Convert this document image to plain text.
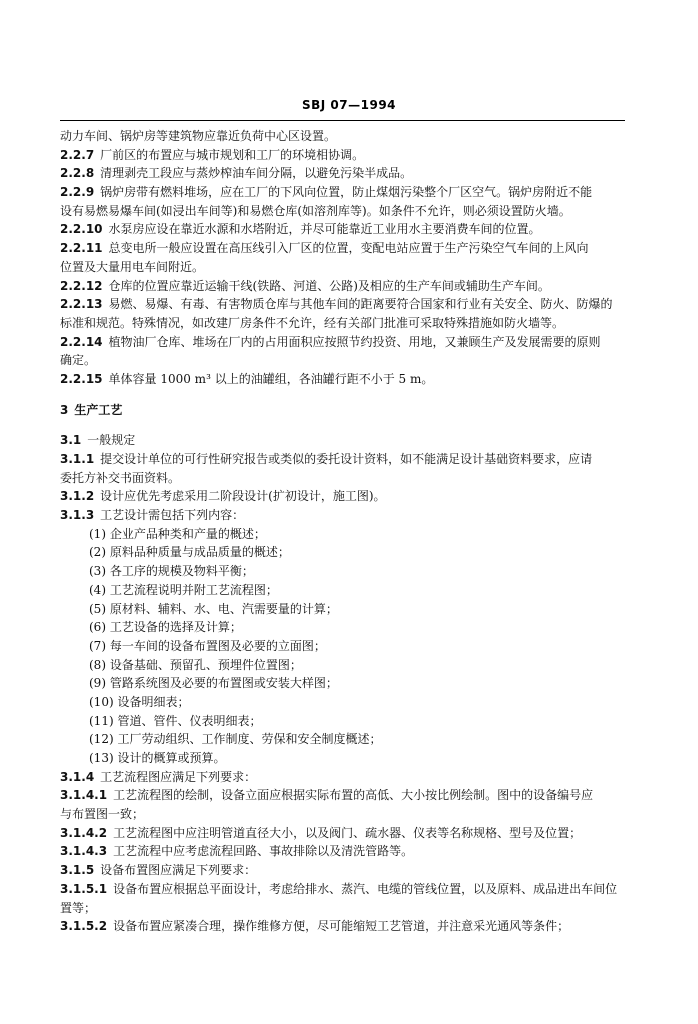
SBJ 07—1994
动力车间、锅炉房等建筑物应靠近负荷中心区设置。
2.2.7 厂前区的布置应与城市规划和工厂的环境相协调。
2.2.8 清理剥壳工段应与蒸炒榨油车间分隔，以避免污染半成品。
2.2.9 锅炉房带有燃料堆场，应在工厂的下风向位置，防止煤烟污染整个厂区空气。锅炉房附近不能
设有易燃易爆车间(如浸出车间等)和易燃仓库(如溶剂库等)。如条件不允许，则必须设置防火墙。
2.2.10 水泵房应设在靠近水源和水塔附近，并尽可能靠近工业用水主要消费车间的位置。
2.2.11 总变电所一般应设置在高压线引入厂区的位置，变配电站应置于生产污染空气车间的上风向
位置及大量用电车间附近。
2.2.12 仓库的位置应靠近运输干线(铁路、河道、公路)及相应的生产车间或辅助生产车间。
2.2.13 易燃、易爆、有毒、有害物质仓库与其他车间的距离要符合国家和行业有关安全、防火、防爆的
标准和规范。特殊情况，如改建厂房条件不允许，经有关部门批准可采取特殊措施如防火墙等。
2.2.14 植物油厂仓库、堆场在厂内的占用面积应按照节约投资、用地，又兼顾生产及发展需要的原则
确定。
2.2.15 单体容量 1000 m³ 以上的油罐组，各油罐行距不小于 5 m。
3 生产工艺
3.1 一般规定
3.1.1 提交设计单位的可行性研究报告或类似的委托设计资料，如不能满足设计基础资料要求，应请
委托方补交书面资料。
3.1.2 设计应优先考虑采用二阶段设计(扩初设计，施工图)。
3.1.3 工艺设计需包括下列内容：
(1) 企业产品种类和产量的概述；
(2) 原料品种质量与成品质量的概述；
(3) 各工序的规模及物料平衡；
(4) 工艺流程说明并附工艺流程图；
(5) 原材料、辅料、水、电、汽需要量的计算；
(6) 工艺设备的选择及计算；
(7) 每一车间的设备布置图及必要的立面图；
(8) 设备基础、预留孔、预埋件位置图；
(9) 管路系统图及必要的布置图或安装大样图；
(10) 设备明细表；
(11) 管道、管件、仪表明细表；
(12) 工厂劳动组织、工作制度、劳保和安全制度概述；
(13) 设计的概算或预算。
3.1.4 工艺流程图应满足下列要求：
3.1.4.1 工艺流程图的绘制，设备立面应根据实际布置的高低、大小按比例绘制。图中的设备编号应
与布置图一致；
3.1.4.2 工艺流程图中应注明管道直径大小，以及阀门、疏水器、仪表等名称规格、型号及位置；
3.1.4.3 工艺流程中应考虑流程回路、事故排除以及清洗管路等。
3.1.5 设备布置图应满足下列要求：
3.1.5.1 设备布置应根据总平面设计，考虑给排水、蒸汽、电缆的管线位置，以及原料、成品进出车间位
置等；
3.1.5.2 设备布置应紧凑合理，操作维修方便，尽可能缩短工艺管道，并注意采光通风等条件；
